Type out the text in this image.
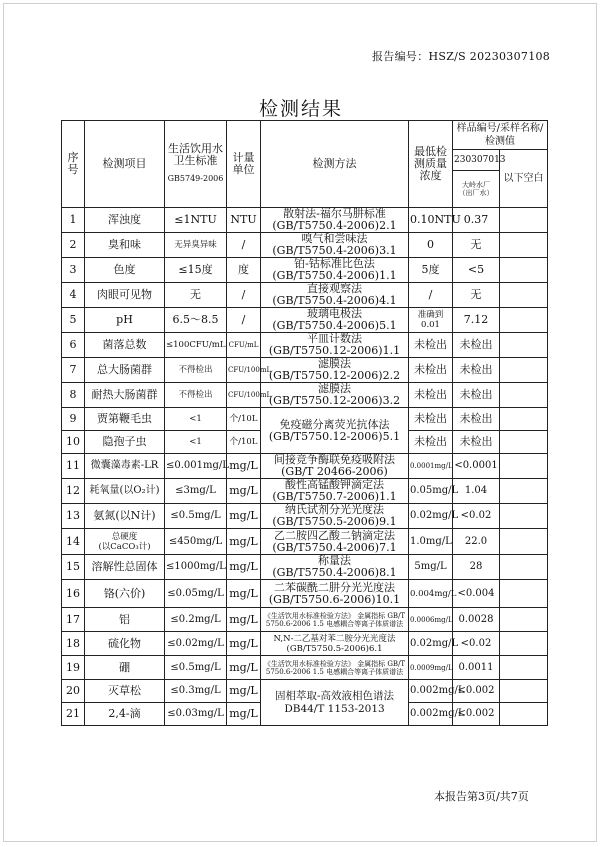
报告编号：HSZ/S 20230307108
检测结果
序号	检测项目	生活饮用水
卫生标准
GB5749-2006	计量单位	检测方法	最低检测质量浓度	样品编号/采样名称/检测值	
						230307013	以下空白
						大岭水厂
（出厂水）	
1	浑浊度	≤1NTU	NTU	散射法-福尔马肼标准
(GB/T5750.4-2006)2.1	0.10NTU	0.37	
2	臭和味	无异臭异味	/	嗅气和尝味法
(GB/T5750.4-2006)3.1	0	无	
3	色度	≤15度	度	铂-钴标准比色法
(GB/T5750.4-2006)1.1	5度	<5	
4	肉眼可见物	无	/	直接观察法
(GB/T5750.4-2006)4.1	/	无	
5	pH	6.5～8.5	/	玻璃电极法
(GB/T5750.4-2006)5.1	准确到0.01	7.12	
6	菌落总数	≤100CFU/mL	CFU/mL	平皿计数法
(GB/T5750.12-2006)1.1	未检出	未检出	
7	总大肠菌群	不得检出	CFU/100mL	滤膜法
(GB/T5750.12-2006)2.2	未检出	未检出	
8	耐热大肠菌群	不得检出	CFU/100mL	滤膜法
(GB/T5750.12-2006)3.2	未检出	未检出	
9	贾第鞭毛虫	<1	个/10L	免疫磁分离荧光抗体法
(GB/T5750.12-2006)5.1	未检出	未检出	
10	隐孢子虫	<1	个/10L		未检出	未检出	
11	微囊藻毒素-LR	≤0.001mg/L	mg/L	间接竞争酶联免疫吸附法
(GB/T 20466-2006)	0.0001mg/L	<0.0001	
12	耗氧量(以O₂计)	≤3mg/L	mg/L	酸性高锰酸钾滴定法
(GB/T5750.7-2006)1.1	0.05mg/L	1.04	
13	氨氮(以N计)	≤0.5mg/L	mg/L	纳氏试剂分光光度法
(GB/T5750.5-2006)9.1	0.02mg/L	<0.02	
14	总硬度
(以CaCO₃计)	≤450mg/L	mg/L	乙二胺四乙酸二钠滴定法
(GB/T5750.4-2006)7.1	1.0mg/L	22.0	
15	溶解性总固体	≤1000mg/L	mg/L	称量法
(GB/T5750.4-2006)8.1	5mg/L	28	
16	铬(六价)	≤0.05mg/L	mg/L	二苯碳酰二肼分光光度法
(GB/T5750.6-2006)10.1	0.004mg/L	<0.004	
17	铝	≤0.2mg/L	mg/L	《生活饮用水标准检验方法》 金属指标 GB/T
5750.6-2006 1.5 电感耦合等离子体质谱法	0.0006mg/L	0.0028	
18	硫化物	≤0.02mg/L	mg/L	N,N-二乙基对苯二胺分光光度法
(GB/T5750.5-2006)6.1	0.02mg/L	<0.02	
19	硼	≤0.5mg/L	mg/L	《生活饮用水标准检验方法》 金属指标 GB/T
5750.6-2006 1.5 电感耦合等离子体质谱法	0.0009mg/L	0.0011	
20	灭草松	≤0.3mg/L	mg/L	固相萃取-高效液相色谱法
DB44/T 1153-2013	0.002mg/L	<0.002	
21	2,4-滴	≤0.03mg/L	mg/L		0.002mg/L	<0.002	
本报告第3页/共7页
